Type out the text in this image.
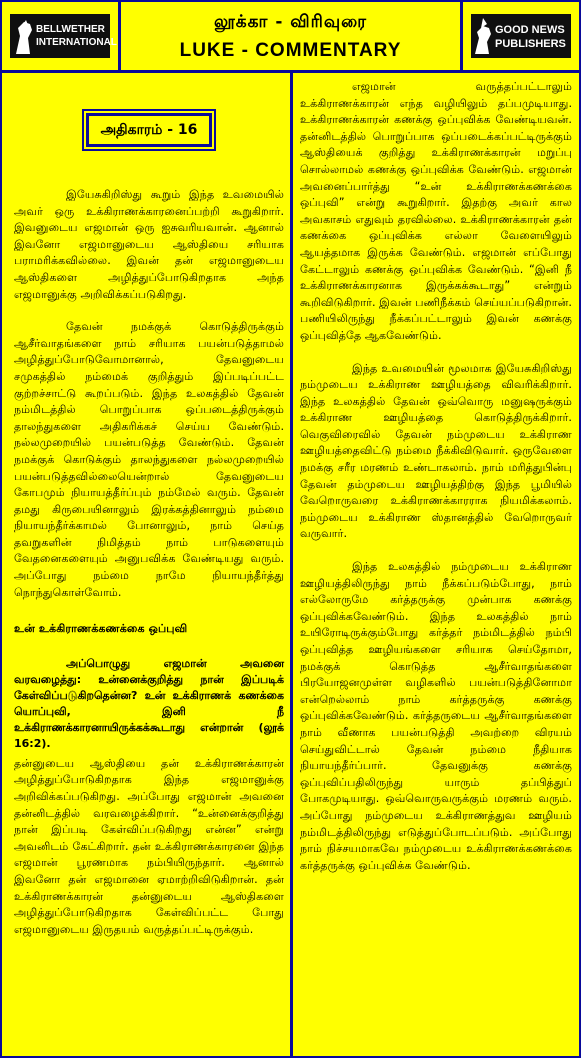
BELLWETHER
INTERNATIONAL
லூக்கா - விரிவுரை
LUKE - COMMENTARY
GOOD NEWS
PUBLISHERS
அதிகாரம் - 16

இயேசுகிறிஸ்து கூறும் இந்த உவமையில் அவர் ஒரு உக்கிராணக்காரனைப்பற்றி கூறுகிறார். இவனுடைய எஜமான் ஒரு ஐசுவரியவான். ஆனால் இவனோ எஜமானுடைய ஆஸ்தியை சரியாக பராமரிக்கவில்லை. இவன் தன் எஜமானுடைய ஆஸ்திகளை அழித்துப்போடுகிறதாக அந்த எஜமானுக்கு அறிவிக்கப்படுகிறது.

தேவன் நமக்குக் கொடுத்திருக்கும் ஆசீர்வாதங்களை நாம் சரியாக பயன்படுத்தாமல் அழித்துப்போடுவோமானால், தேவனுடைய சமுகத்தில் நம்மைக் குறித்தும் இப்படிப்பட்ட குற்றச்சாட்டு கூறப்படும். இந்த உலகத்தில் தேவன் நம்மிடத்தில் பொறுப்பாக ஒப்படைத்திருக்கும் தாலந்துகளை அதிகரிக்கச் செய்ய வேண்டும். நல்லமுறையில் பயன்படுத்த வேண்டும். தேவன் நமக்குக் கொடுக்கும் தாலந்துகளை நல்லமுறையில் பயன்படுத்தவில்லையென்றால் தேவனுடைய கோபமும் நியாயத்தீர்ப்பும் நம்மேல் வரும். தேவன் தமது கிருபையினாலும் இரக்கத்தினாலும் நம்மை நியாயந்தீர்க்காமல் போனாலும், நாம் செய்த தவறுகளின் நிமித்தம் நாம் பாடுகளையும் வேதனைகளையும் அனுபவிக்க வேண்டியது வரும். அப்போது நம்மை நாமே நியாயந்தீர்த்து நொந்துகொள்வோம்.

உன் உக்கிராணக்கணக்கை ஒப்புவி

அப்பொழுது எஜமான் அவனை வரவழைத்து: உன்னைக்குறித்து நான் இப்படிக் கேள்விப்படுகிறதென்ன? உன் உக்கிராணக் கணக்கை யொப்புவி, இனி நீ உக்கிராணக்காரனாயிருக்கக்கூடாது என்றான் (லூக் 16:2).

தன்னுடைய ஆஸ்தியை தன் உக்கிராணக்காரன் அழித்துப்போடுகிறதாக இந்த எஜமானுக்கு அறிவிக்கப்படுகிறது. அப்போது எஜமான் அவனை தன்னிடத்தில் வரவழைக்கிறார். “உன்னைக்குறித்து நான் இப்படி கேள்விப்படுகிறது என்ன” என்று அவனிடம் கேட்கிறார். தன் உக்கிராணக்காரனை இந்த எஜமான் பூரணமாக நம்பியிருந்தார். ஆனால் இவனோ தன் எஜமானை ஏமாற்றிவிடுகிறான். தன் உக்கிராணக்காரன் தன்னுடைய ஆஸ்திகளை அழித்துப்போடுகிறதாக கேள்விப்பட்ட போது எஜமானுடைய இருதயம் வருத்தப்பட்டிருக்கும்.

எஜமான் வருத்தப்பட்டாலும் உக்கிராணக்காரன் எந்த வழியிலும் தப்பமுடியாது. உக்கிராணக்காரன் கணக்கு ஒப்புவிக்க வேண்டியவன். தன்னிடத்தில் பொறுப்பாக ஒப்படைக்கப்பட்டிருக்கும் ஆஸ்தியைக் குறித்து உக்கிராணக்காரன் மறுப்பு சொல்லாமல் கணக்கு ஒப்புவிக்க வேண்டும். எஜமான் அவனைப்பார்த்து “உன் உக்கிராணக்கணக்கை ஒப்புவி” என்று கூறுகிறார். இதற்கு அவர் கால அவகாசம் எதுவும் தரவில்லை. உக்கிராணக்காரன் தன் கணக்கை ஒப்புவிக்க எல்லா வேளையிலும் ஆயத்தமாக இருக்க வேண்டும். எஜமான் எப்போது கேட்டாலும் கணக்கு ஒப்புவிக்க வேண்டும். “இனி நீ உக்கிராணக்காரனாக இருக்கக்கூடாது” என்றும் கூறிவிடுகிறார். இவன் பணிநீக்கம் செய்யப்படுகிறான். பணியிலிருந்து நீக்கப்பட்டாலும் இவன் கணக்கு ஒப்புவித்தே ஆகவேண்டும்.

இந்த உவமையின் மூலமாக இயேசுகிறிஸ்து நம்முடைய உக்கிராண ஊழியத்தை விவரிக்கிறார். இந்த உலகத்தில் தேவன் ஒவ்வொரு மனுஷருக்கும் உக்கிராண ஊழியத்தை கொடுத்திருக்கிறார். வெகுவிரைவில் தேவன் நம்முடைய உக்கிராண ஊழியத்தைவிட்டு நம்மை நீக்கிவிடுவார். ஒருவேளை நமக்கு சரீர மரணம் உண்டாகலாம். நாம் மரித்துபின்பு தேவன் தம்முடைய ஊழியத்திற்கு இந்த பூமியில் வேறொருவரை உக்கிராணக்காரராக நியமிக்கலாம். நம்முடைய உக்கிராண ஸ்தானத்தில் வேறொருவர் வருவார்.

இந்த உலகத்தில் நம்முடைய உக்கிராண ஊழியத்திலிருந்து நாம் நீக்கப்படும்போது, நாம் எல்லோருமே கர்த்தருக்கு முன்பாக கணக்கு ஒப்புவிக்கவேண்டும். இந்த உலகத்தில் நாம் உயிரோடிருக்கும்போது கர்த்தர் நம்மிடத்தில் நம்பி ஒப்புவித்த ஊழியங்களை சரியாக செய்தோமா, நமக்குக் கொடுத்த ஆசீர்வாதங்களை பிரயோஜனமுள்ள வழிகளில் பயன்படுத்தினோமா என்றெல்லாம் நாம் கர்த்தருக்கு கணக்கு ஒப்புவிக்கவேண்டும். கர்த்தருடைய ஆசீர்வாதங்களை நாம் வீணாக பயன்படுத்தி அவற்றை விரயம் செய்துவிட்டால் தேவன் நம்மை நீதியாக நியாயந்தீர்ப்பார். தேவனுக்கு கணக்கு ஒப்புவிப்பதிலிருந்து யாரும் தப்பித்துப் போகமுடியாது. ஒவ்வொருவருக்கும் மரணம் வரும். அப்போது நம்முடைய உக்கிராணத்துவ ஊழியம் நம்மிடத்திலிருந்து எடுத்துப்போடப்படும். அப்போது நாம் நிச்சயமாகவே நம்முடைய உக்கிராணக்கணக்கை கர்த்தருக்கு ஒப்புவிக்க வேண்டும்.
